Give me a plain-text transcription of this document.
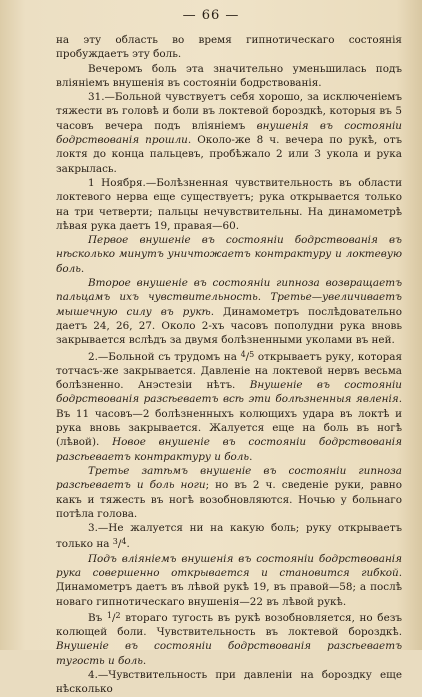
— 66 —

на эту область во время гипнотическаго состоянія пробуждаетъ эту боль.

Вечеромъ боль эта значительно уменьшилась подъ вліяніемъ внушенія въ состояніи бодрствованія.

31.—Больной чувствуетъ себя хорошо, за исключеніемъ тяжести въ головѣ и боли въ локтевой бороздкѣ, которыя въ 5 часовъ вечера подъ вліяніемъ внушенія въ состояніи бодрствованія прошли. Около-же 8 ч. вечера по рукѣ, отъ локтя до конца пальцевъ, пробѣжало 2 или 3 укола и рука закрылась.

1 Ноября.—Болѣзненная чувствительность въ области локтевого нерва еще существуетъ; рука открывается только на три четверти; пальцы нечувствительны. На динамометрѣ лѣвая рука даетъ 19, правая—60.

Первое внушеніе въ состояніи бодрствованія въ нѣсколько минутъ уничтожаетъ контрактуру и локтевую боль.

Второе внушеніе въ состояніи гипноза возвращаетъ пальцамъ ихъ чувствительность. Третье—увеличиваетъ мышечную силу въ рукѣ. Динамометръ послѣдовательно даетъ 24, 26, 27. Около 2-хъ часовъ пополудни рука вновь закрывается вслѣдъ за двумя болѣзненными уколами въ ней.

2.—Больной съ трудомъ на $^4$/$^5$ открываетъ руку, которая тотчасъ-же закрывается. Давленіе на локтевой нервъ весьма болѣзненно. Анэстезіи нѣтъ. Внушеніе въ состояніи бодрствованія разсѣеваетъ всѣ эти болѣзненныя явленія. Въ 11 часовъ—2 болѣзненныхъ колющихъ удара въ локтѣ и рука вновь закрывается. Жалуется еще на боль въ ногѣ (лѣвой). Новое внушеніе въ состояніи бодрствованія разсѣеваетъ контрактуру и боль.

Третье затѣмъ внушеніе въ состояніи гипноза разсѣеваетъ и боль ноги; но въ 2 ч. сведеніе руки, равно какъ и тяжесть въ ногѣ возобновляются. Ночью у больнаго потѣла голова.

3.—Не жалуется ни на какую боль; руку открываетъ только на $^3$/$^4$.

Подъ вліяніемъ внушенія въ состояніи бодрствованія рука совершенно открывается и становится гибкой. Динамометръ даетъ въ лѣвой рукѣ 19, въ правой—58; а послѣ новаго гипнотическаго внушенія—22 въ лѣвой рукѣ.

Въ $^1$/$^2$ втораго тугость въ рукѣ возобновляется, но безъ колющей боли. Чувствительность въ локтевой бороздкѣ. Внушеніе въ состояніи бодрствованія разсѣеваетъ тугость и боль.

4.—Чувствительность при давленіи на бороздку еще нѣсколько
